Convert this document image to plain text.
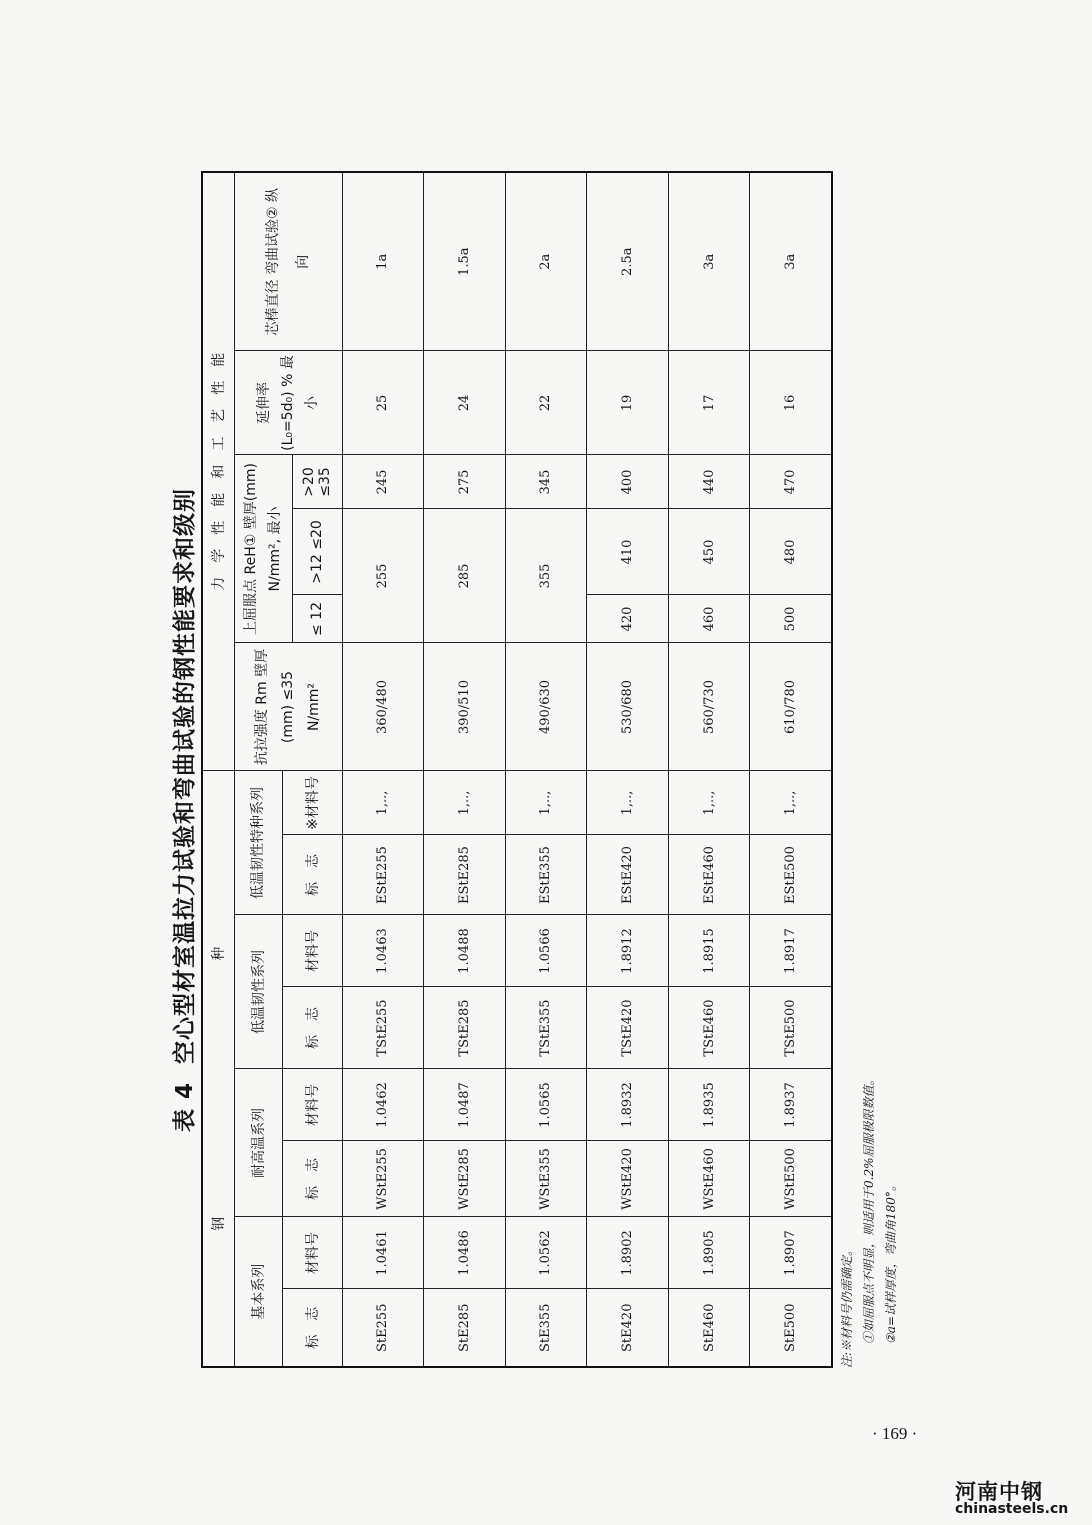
表 4空心型材室温拉力试验和弯曲试验的钢性能要求和级别
钢　　　　种								力　学　性　能　和　工　艺　性　能					
基本系列		耐高温系列		低温韧性系列		低温韧性特种系列		抗拉强度 Rm 壁厚(mm) ≤35 N/mm²	上屈服点 ReH① 壁厚(mm) N/mm², 最小			延伸率 (L₀=5d₀) % 最小	芯棒直径 弯曲试验② 纵　向
标　志	材料号	标　志	材料号	标　志	材料号	标　志	※材料号						
									≤ 12	>12 ≤20	>20 ≤35		
StE255	1.0461	WStE255	1.0462	TStE255	1.0463	EStE255	1,..,	360/480	255		245	25	1a
StE285	1.0486	WStE285	1.0487	TStE285	1.0488	EStE285	1,..,	390/510	285		275	24	1.5a
StE355	1.0562	WStE355	1.0565	TStE355	1.0566	EStE355	1,..,	490/630	355		345	22	2a
StE420	1.8902	WStE420	1.8932	TStE420	1.8912	EStE420	1,..,	530/680	420	410	400	19	2.5a
StE460	1.8905	WStE460	1.8935	TStE460	1.8915	EStE460	1,..,	560/730	460	450	440	17	3a
StE500	1.8907	WStE500	1.8937	TStE500	1.8917	EStE500	1,..,	610/780	500	480	470	16	3a
注:※材料号仍需确定。 ①如屈服点不明显，则适用于0.2%屈服极限数值。 ②a=试样厚度，弯曲角180°。
· 169 ·
河南中钢
chinasteels.cn
